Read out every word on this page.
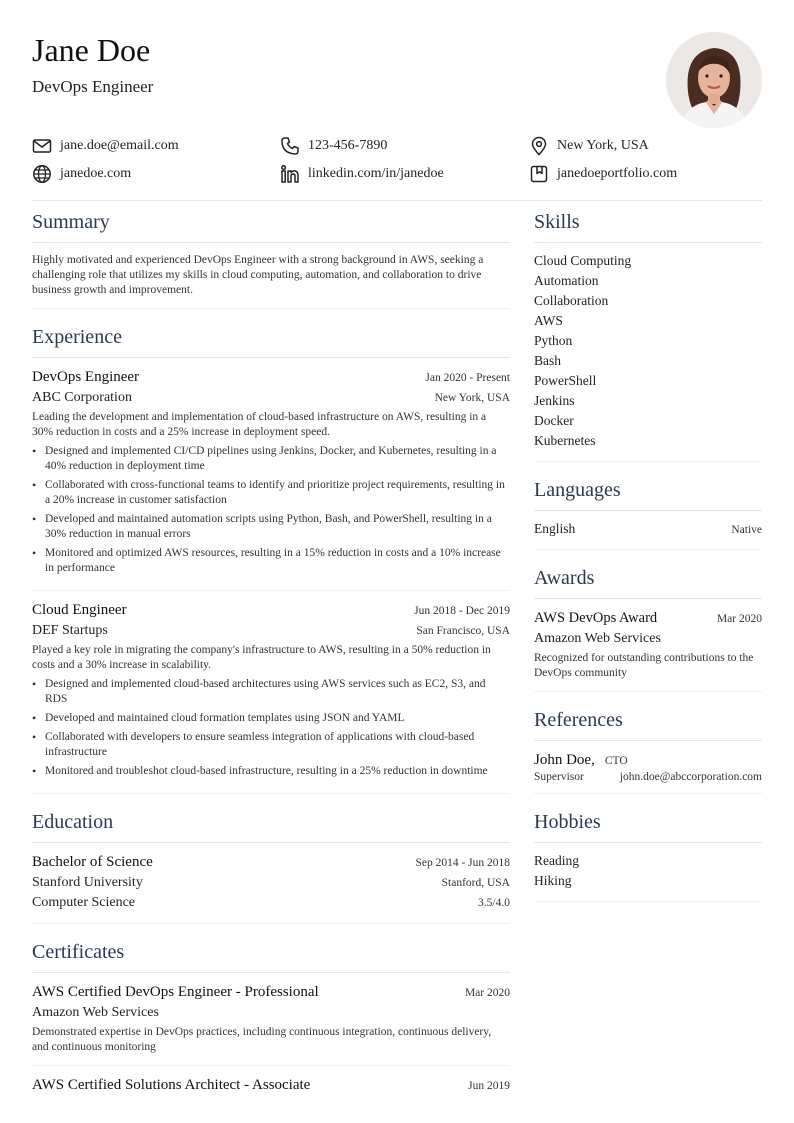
Jane Doe
DevOps Engineer
jane.doe@email.com	123-456-7890	New York, USA
janedoe.com	linkedin.com/in/janedoe	janedoeportfolio.com
Summary
Highly motivated and experienced DevOps Engineer with a strong background in AWS, seeking a challenging role that utilizes my skills in cloud computing, automation, and collaboration to drive business growth and improvement.
Experience
DevOps Engineer	Jan 2020 - Present
ABC Corporation	New York, USA
Leading the development and implementation of cloud-based infrastructure on AWS, resulting in a 30% reduction in costs and a 25% increase in deployment speed.
• Designed and implemented CI/CD pipelines using Jenkins, Docker, and Kubernetes, resulting in a 40% reduction in deployment time
• Collaborated with cross-functional teams to identify and prioritize project requirements, resulting in a 20% increase in customer satisfaction
• Developed and maintained automation scripts using Python, Bash, and PowerShell, resulting in a 30% reduction in manual errors
• Monitored and optimized AWS resources, resulting in a 15% reduction in costs and a 10% increase in performance
Cloud Engineer	Jun 2018 - Dec 2019
DEF Startups	San Francisco, USA
Played a key role in migrating the company's infrastructure to AWS, resulting in a 50% reduction in costs and a 30% increase in scalability.
• Designed and implemented cloud-based architectures using AWS services such as EC2, S3, and RDS
• Developed and maintained cloud formation templates using JSON and YAML
• Collaborated with developers to ensure seamless integration of applications with cloud-based infrastructure
• Monitored and troubleshot cloud-based infrastructure, resulting in a 25% reduction in downtime
Education
Bachelor of Science	Sep 2014 - Jun 2018
Stanford University	Stanford, USA
Computer Science	3.5/4.0
Certificates
AWS Certified DevOps Engineer - Professional	Mar 2020
Amazon Web Services
Demonstrated expertise in DevOps practices, including continuous integration, continuous delivery, and continuous monitoring
AWS Certified Solutions Architect - Associate	Jun 2019
Skills
Cloud Computing
Automation
Collaboration
AWS
Python
Bash
PowerShell
Jenkins
Docker
Kubernetes
Languages
English	Native
Awards
AWS DevOps Award	Mar 2020
Amazon Web Services
Recognized for outstanding contributions to the DevOps community
References
John Doe, CTO
Supervisor	john.doe@abccorporation.com
Hobbies
Reading
Hiking
